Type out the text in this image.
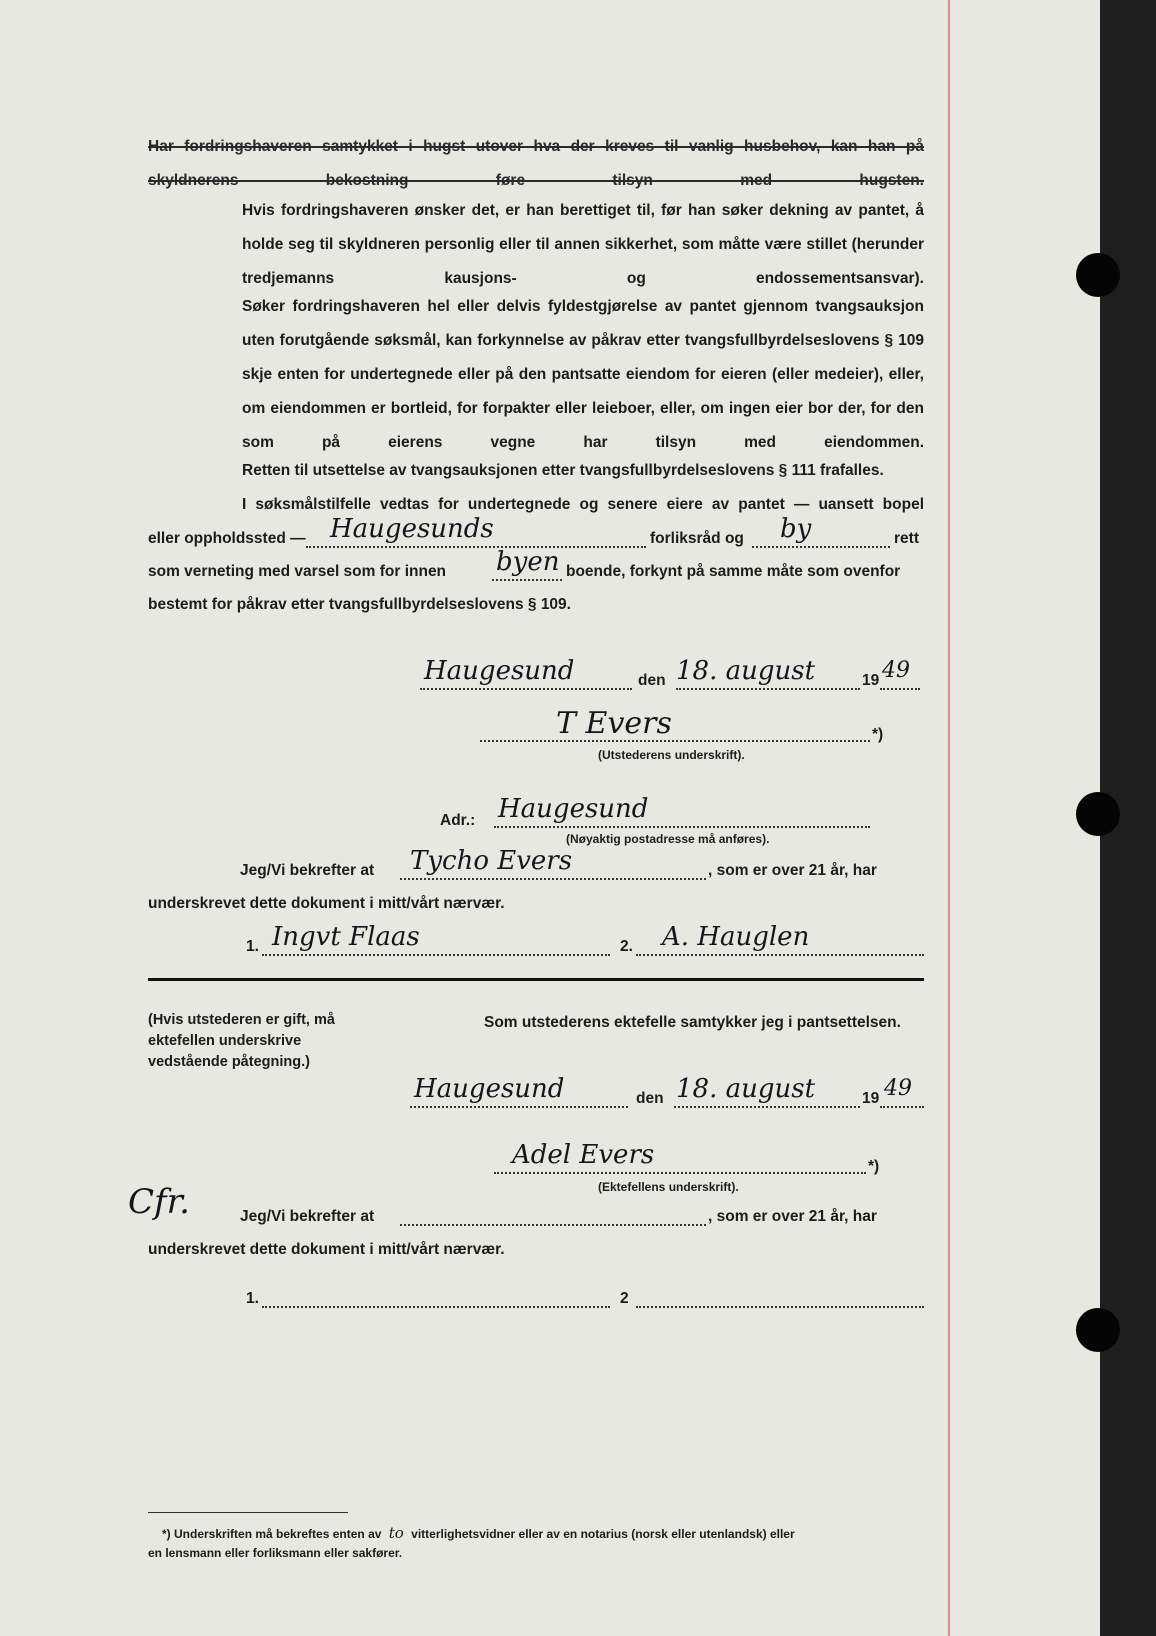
Har fordringshaveren samtykket i hugst utover hva der kreves til vanlig husbehov, kan han på skyldnerens bekostning føre tilsyn med hugsten.

Hvis fordringshaveren ønsker det, er han berettiget til, før han søker dekning av pantet, å holde seg til skyldneren personlig eller til annen sikkerhet, som måtte være stillet (herunder tredjemanns kausjons- og endossementsansvar).

Søker fordringshaveren hel eller delvis fyldestgjørelse av pantet gjennom tvangsauksjon uten forutgående søksmål, kan forkynnelse av påkrav etter tvangsfullbyrdelseslovens § 109 skje enten for undertegnede eller på den pantsatte eiendom for eieren (eller medeier), eller, om eiendommen er bortleid, for forpakter eller leieboer, eller, om ingen eier bor der, for den som på eierens vegne har tilsyn med eiendommen.

Retten til utsettelse av tvangsauksjonen etter tvangsfullbyrdelseslovens § 111 frafalles.

I søksmålstilfelle vedtas for undertegnede og senere eiere av pantet — uansett bopel

eller oppholdssted — Haugesunds	forliksråd og by	rett
som verneting med varsel som for innen byen boende, forkynt på samme måte som ovenfor
bestemt for påkrav etter tvangsfullbyrdelseslovens § 109.
Haugesund	den 18. august	19 49
T Evers	*)
(Utstederens underskrift).
Adr.: Haugesund
(Nøyaktig postadresse må anføres).
Jeg/Vi bekrefter at Tycho Evers	, som er over 21 år, har
underskrevet dette dokument i mitt/vårt nærvær.
1. Ingvt Flaas	2. A. Hauglen

(Hvis utstederen er gift, må ektefellen underskrive vedstående påtegning.)

Som utstederens ektefelle samtykker jeg i pantsettelsen.
Haugesund	den 18. august	19 49
Adel Evers	*)
(Ektefellens underskrift).
Cfr.	Jeg/Vi bekrefter at	, som er over 21 år, har
underskrevet dette dokument i mitt/vårt nærvær.
1.	2
*) Underskriften må bekreftes enten av to vitterlighetsvidner eller av en notarius (norsk eller utenlandsk) eller
en lensmann eller forliksmann eller sakfører.
